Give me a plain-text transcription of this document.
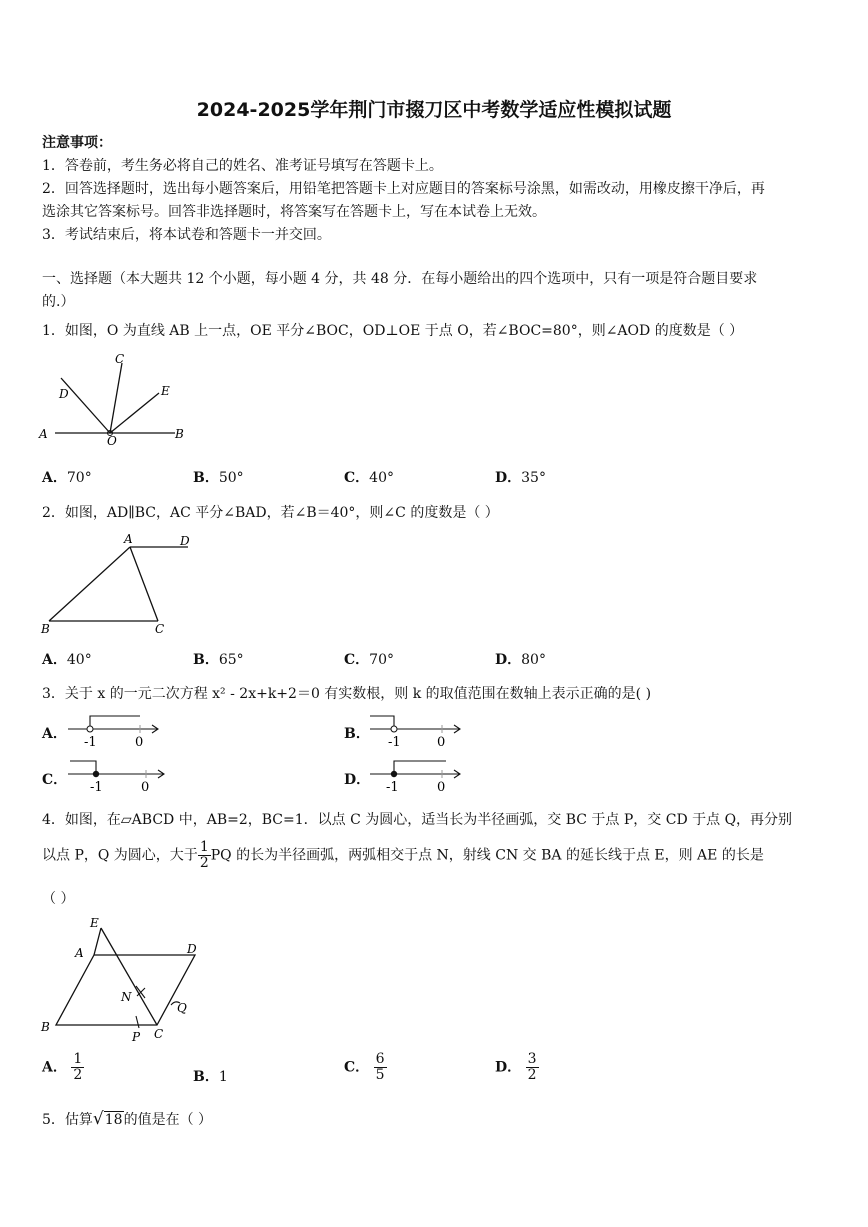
2024-2025学年荆门市掇刀区中考数学适应性模拟试题
注意事项：
1．答卷前，考生务必将自己的姓名、准考证号填写在答题卡上。
2．回答选择题时，选出每小题答案后，用铅笔把答题卡上对应题目的答案标号涂黑，如需改动，用橡皮擦干净后，再
选涂其它答案标号。回答非选择题时，将答案写在答题卡上，写在本试卷上无效。
3．考试结束后，将本试卷和答题卡一并交回。
一、选择题（本大题共 12 个小题，每小题 4 分，共 48 分．在每小题给出的四个选项中，只有一项是符合题目要求
的.）
1．如图，O 为直线 AB 上一点，OE 平分∠BOC，OD⊥OE 于点 O，若∠BOC=80°，则∠AOD 的度数是（ ）
A	B
C
D	E
O
A．70°	B．50°	C．40°	D．35°
2．如图，AD∥BC，AC 平分∠BAD，若∠B＝40°，则∠C 的度数是（ ）
A	D
B	C
A．40°	B．65°	C．70°	D．80°
3．关于 x 的一元二次方程 x² - 2x+k+2＝0 有实数根，则 k 的取值范围在数轴上表示正确的是( )
A．
-1	0
B．
-1	0
C． -1	0	D． -1	0
4．如图，在▱ABCD 中，AB=2，BC=1．以点 C 为圆心，适当长为半径画弧，交 BC 于点 P，交 CD 于点 Q，再分别
以点 P，Q 为圆心，大于 $\frac{1}{2}$ PQ 的长为半径画弧，两弧相交于点 N，射线 CN 交 BA 的延长线于点 E，则 AE 的长是
（ ）
E
A	D
N
Q
B
P C
A． $\frac{1}{2}$	B．1
C． $\frac{6}{5}$	D． $\frac{3}{2}$
5．估算√18的值是在（ ）
